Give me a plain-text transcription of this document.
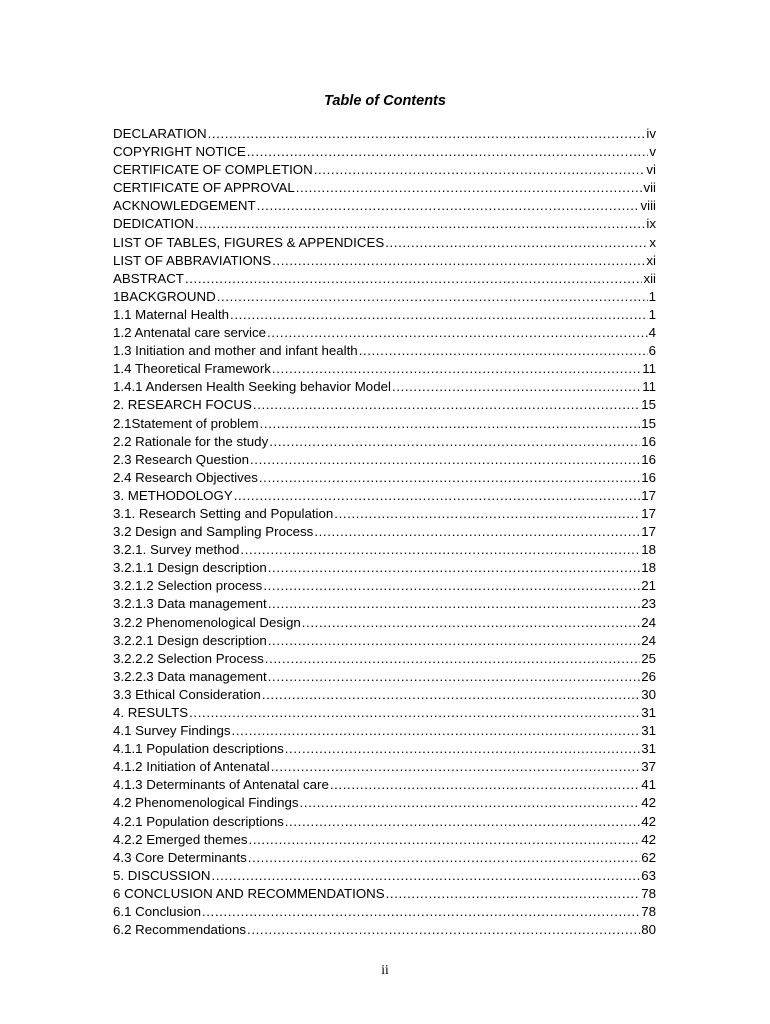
Table of Contents
DECLARATION .....	iv
COPYRIGHT NOTICE .....	v
CERTIFICATE OF COMPLETION .....	vi
CERTIFICATE OF APPROVAL .....	vii
ACKNOWLEDGEMENT .....	viii
DEDICATION .....	ix
LIST OF TABLES, FIGURES & APPENDICES .....	x
LIST OF ABBRAVIATIONS .....	xi
ABSTRACT .....	xii
1BACKGROUND .....	1
1.1 Maternal Health .....	1
1.2 Antenatal care service .....	4
1.3 Initiation and mother and infant health .....	6
1.4 Theoretical Framework .....	11
1.4.1 Andersen Health Seeking behavior Model .....	11
2. RESEARCH FOCUS .....	15
2.1Statement of problem .....	15
2.2 Rationale for the study .....	16
2.3 Research Question .....	16
2.4 Research Objectives .....	16
3. METHODOLOGY .....	17
3.1. Research Setting and Population .....	17
3.2 Design and Sampling Process .....	17
3.2.1. Survey method .....	18
3.2.1.1 Design description .....	18
3.2.1.2 Selection process .....	21
3.2.1.3 Data management .....	23
3.2.2 Phenomenological Design .....	24
3.2.2.1 Design description .....	24
3.2.2.2 Selection Process .....	25
3.2.2.3 Data management .....	26
3.3 Ethical Consideration .....	30
4. RESULTS .....	31
4.1 Survey Findings .....	31
4.1.1 Population descriptions .....	31
4.1.2 Initiation of Antenatal .....	37
4.1.3 Determinants of Antenatal care .....	41
4.2 Phenomenological Findings .....	42
4.2.1 Population descriptions .....	42
4.2.2 Emerged themes .....	42
4.3 Core Determinants .....	62
5. DISCUSSION .....	63
6 CONCLUSION AND RECOMMENDATIONS .....	78
6.1 Conclusion .....	78
6.2 Recommendations .....	80
ii
